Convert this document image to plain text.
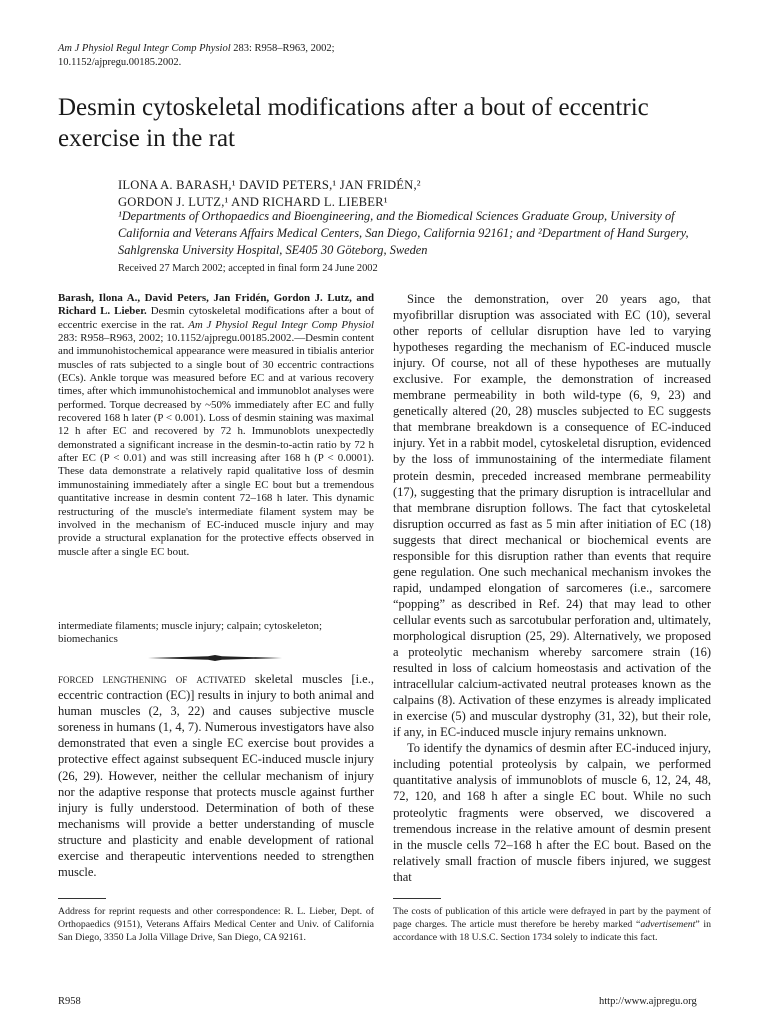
Am J Physiol Regul Integr Comp Physiol 283: R958–R963, 2002;
10.1152/ajpregu.00185.2002.
Desmin cytoskeletal modifications after a bout of eccentric exercise in the rat
ILONA A. BARASH,¹ DAVID PETERS,¹ JAN FRIDÉN,²
GORDON J. LUTZ,¹ AND RICHARD L. LIEBER¹
¹Departments of Orthopaedics and Bioengineering, and the Biomedical Sciences Graduate Group, University of California and Veterans Affairs Medical Centers, San Diego, California 92161; and ²Department of Hand Surgery, Sahlgrenska University Hospital, SE405 30 Göteborg, Sweden
Received 27 March 2002; accepted in final form 24 June 2002
Barash, Ilona A., David Peters, Jan Fridén, Gordon J. Lutz, and Richard L. Lieber. Desmin cytoskeletal modifications after a bout of eccentric exercise in the rat. Am J Physiol Regul Integr Comp Physiol 283: R958–R963, 2002; 10.1152/ajpregu.00185.2002.—Desmin content and immunohistochemical appearance were measured in tibialis anterior muscles of rats subjected to a single bout of 30 eccentric contractions (ECs). Ankle torque was measured before EC and at various recovery times, after which immunohistochemical and immunoblot analyses were performed. Torque decreased by ~50% immediately after EC and fully recovered 168 h later (P < 0.001). Loss of desmin staining was maximal 12 h after EC and recovered by 72 h. Immunoblots unexpectedly demonstrated a significant increase in the desmin-to-actin ratio by 72 h after EC (P < 0.01) and was still increasing after 168 h (P < 0.0001). These data demonstrate a relatively rapid qualitative loss of desmin immunostaining immediately after a single EC bout but a tremendous quantitative increase in desmin content 72–168 h later. This dynamic restructuring of the muscle's intermediate filament system may be involved in the mechanism of EC-induced muscle injury and may provide a structural explanation for the protective effects observed in muscle after a single EC bout.
intermediate filaments; muscle injury; calpain; cytoskeleton; biomechanics
forced lengthening of activated skeletal muscles [i.e., eccentric contraction (EC)] results in injury to both animal and human muscles (2, 3, 22) and causes subjective muscle soreness in humans (1, 4, 7). Numerous investigators have also demonstrated that even a single EC exercise bout provides a protective effect against subsequent EC-induced muscle injury (26, 29). However, neither the cellular mechanism of injury nor the adaptive response that protects muscle against further injury is fully understood. Determination of both of these mechanisms will provide a better understanding of muscle structure and plasticity and enable development of rational exercise and therapeutic interventions needed to strengthen muscle.

Since the demonstration, over 20 years ago, that myofibrillar disruption was associated with EC (10), several other reports of cellular disruption have led to varying hypotheses regarding the mechanism of EC-induced muscle injury. Of course, not all of these hypotheses are mutually exclusive. For example, the demonstration of increased membrane permeability in both wild-type (6, 9, 23) and genetically altered (20, 28) muscles subjected to EC suggests that membrane breakdown is a consequence of EC-induced injury. Yet in a rabbit model, cytoskeletal disruption, evidenced by the loss of immunostaining of the intermediate filament protein desmin, preceded increased membrane permeability (17), suggesting that the primary disruption is intracellular and that membrane disruption follows. The fact that cytoskeletal disruption occurred as fast as 5 min after initiation of EC (18) suggests that direct mechanical or biochemical events are responsible for this disruption rather than events that require gene regulation. One such mechanical mechanism invokes the rapid, undamped elongation of sarcomeres (i.e., sarcomere “popping” as described in Ref. 24) that may lead to other cellular events such as sarcotubular perforation and, ultimately, morphological disruption (25, 29). Alternatively, we proposed a proteolytic mechanism whereby sarcomere strain (16) resulted in loss of calcium homeostasis and activation of the intracellular calcium-activated neutral proteases known as the calpains (8). Activation of these enzymes is already implicated in exercise (5) and muscular dystrophy (31, 32), but their role, if any, in EC-induced muscle injury remains unknown.

To identify the dynamics of desmin after EC-induced injury, including potential proteolysis by calpain, we performed quantitative analysis of immunoblots of muscle 6, 12, 24, 48, 72, 120, and 168 h after a single EC bout. While no such proteolytic fragments were observed, we discovered a tremendous increase in the relative amount of desmin present in the muscle cells 72–168 h after the EC bout. Based on the relatively small fraction of muscle fibers injured, we suggest that

Address for reprint requests and other correspondence: R. L. Lieber, Dept. of Orthopaedics (9151), Veterans Affairs Medical Center and Univ. of California San Diego, 3350 La Jolla Village Drive, San Diego, CA 92161.
The costs of publication of this article were defrayed in part by the payment of page charges. The article must therefore be hereby marked “advertisement” in accordance with 18 U.S.C. Section 1734 solely to indicate this fact.
R958	http://www.ajpregu.org
